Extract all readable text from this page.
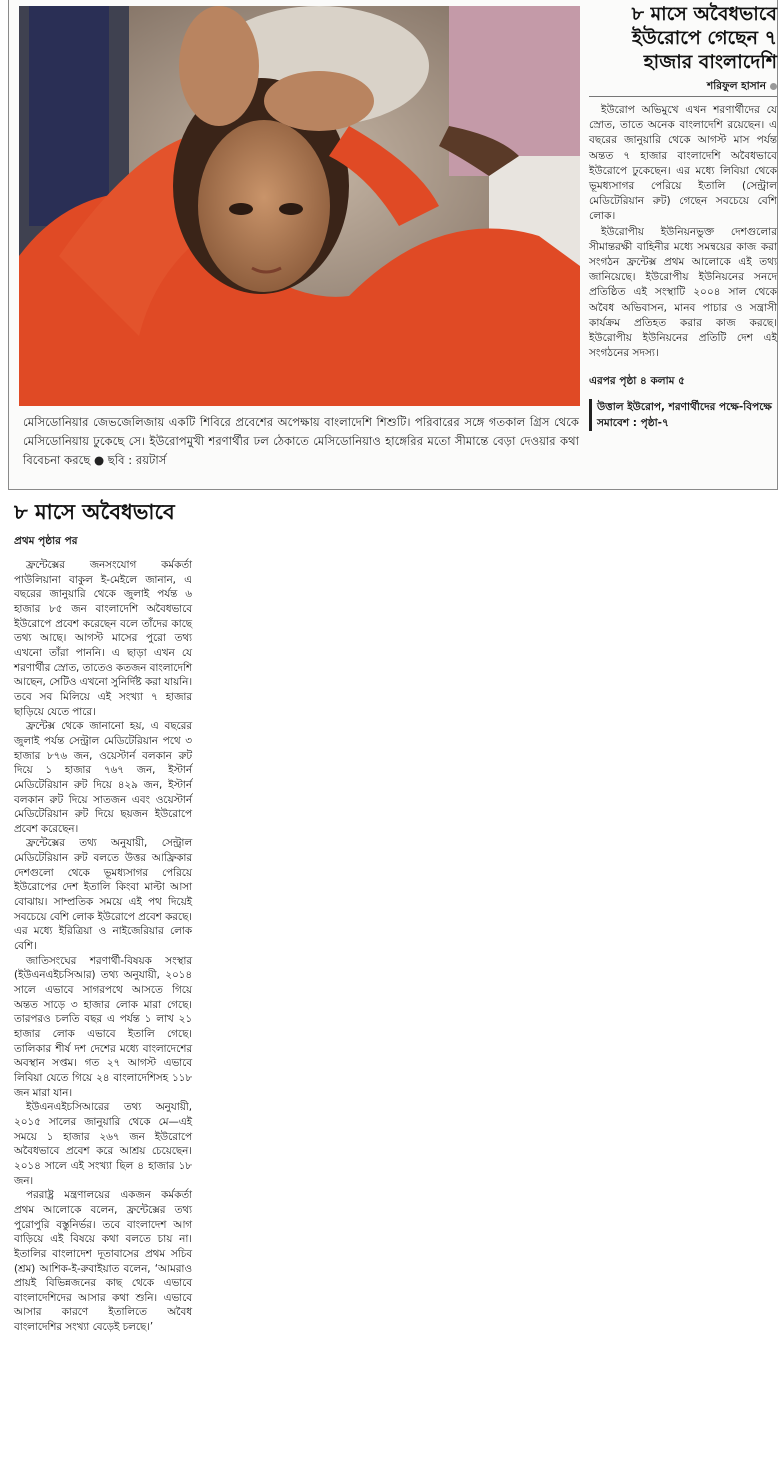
মেসিডোনিয়ার জেভজেলিজায় একটি শিবিরে প্রবেশের অপেক্ষায় বাংলাদেশি শিশুটি। পরিবারের সঙ্গে গতকাল গ্রিস থেকে মেসিডোনিয়ায় ঢুকেছে সে। ইউরোপমুখী শরণার্থীর ঢল ঠেকাতে মেসিডোনিয়াও হাঙ্গেরির মতো সীমান্তে বেড়া দেওয়ার কথা বিবেচনা করছে ● ছবি : রয়টার্স
৮ মাসে অবৈধভাবে ইউরোপে গেছেন ৭ হাজার বাংলাদেশি
শরিফুল হাসান

ইউরোপ অভিমুখে এখন শরণার্থীদের যে স্রোত, তাতে অনেক বাংলাদেশি রয়েছেন। এ বছরের জানুয়ারি থেকে আগস্ট মাস পর্যন্ত অন্তত ৭ হাজার বাংলাদেশি অবৈধভাবে ইউরোপে ঢুকেছেন। এর মধ্যে লিবিয়া থেকে ভূমধ্যসাগর পেরিয়ে ইতালি (সেন্ট্রাল মেডিটেরিয়ান রুট) গেছেন সবচেয়ে বেশি লোক।

ইউরোপীয় ইউনিয়নভুক্ত দেশগুলোর সীমান্তরক্ষী বাহিনীর মধ্যে সমন্বয়ের কাজ করা সংগঠন ফ্রন্টেক্স প্রথম আলোকে এই তথ্য জানিয়েছে। ইউরোপীয় ইউনিয়নের সনদে প্রতিষ্ঠিত এই সংস্থাটি ২০০৪ সাল থেকে অবৈধ অভিবাসন, মানব পাচার ও সন্ত্রাসী কার্যক্রম প্রতিহত করার কাজ করছে। ইউরোপীয় ইউনিয়নের প্রতিটি দেশ এই সংগঠনের সদস্য।

এরপর পৃষ্ঠা ৪ কলাম ৫
উত্তাল ইউরোপ, শরণার্থীদের পক্ষে-বিপক্ষে সমাবেশ : পৃষ্ঠা-৭
৮ মাসে অবৈধভাবে
প্রথম পৃষ্ঠার পর

ফ্রন্টেক্সের জনসংযোগ কর্মকর্তা পাউলিয়ানা বাকুল ই-মেইলে জানান, এ বছরের জানুয়ারি থেকে জুলাই পর্যন্ত ৬ হাজার ৮৫ জন বাংলাদেশি অবৈধভাবে ইউরোপে প্রবেশ করেছেন বলে তাঁদের কাছে তথ্য আছে। আগস্ট মাসের পুরো তথ্য এখনো তাঁরা পাননি। এ ছাড়া এখন যে শরণার্থীর স্রোত, তাতেও কতজন বাংলাদেশি আছেন, সেটিও এখনো সুনির্দিষ্ট করা যায়নি। তবে সব মিলিয়ে এই সংখ্যা ৭ হাজার ছাড়িয়ে যেতে পারে।

ফ্রন্টেক্স থেকে জানানো হয়, এ বছরের জুলাই পর্যন্ত সেন্ট্রাল মেডিটেরিয়ান পথে ৩ হাজার ৮৭৬ জন, ওয়েস্টার্ন বলকান রুট দিয়ে ১ হাজার ৭৬৭ জন, ইস্টার্ন মেডিটেরিয়ান রুট দিয়ে ৪২৯ জন, ইস্টার্ন বলকান রুট দিয়ে সাতজন এবং ওয়েস্টার্ন মেডিটেরিয়ান রুট দিয়ে ছয়জন ইউরোপে প্রবেশ করেছেন।

ফ্রন্টেক্সের তথ্য অনুযায়ী, সেন্ট্রাল মেডিটেরিয়ান রুট বলতে উত্তর আফ্রিকার দেশগুলো থেকে ভূমধ্যসাগর পেরিয়ে ইউরোপের দেশ ইতালি কিংবা মাল্টা আসা বোঝায়। সাম্প্রতিক সময়ে এই পথ দিয়েই সবচেয়ে বেশি লোক ইউরোপে প্রবেশ করছে। এর মধ্যে ইরিত্রিয়া ও নাইজেরিয়ার লোক বেশি।

জাতিসংঘের শরণার্থী-বিষয়ক সংস্থার (ইউএনএইচসিআর) তথ্য অনুযায়ী, ২০১৪ সালে এভাবে সাগরপথে আসতে গিয়ে অন্তত সাড়ে ৩ হাজার লোক মারা গেছে। তারপরও চলতি বছর এ পর্যন্ত ১ লাখ ২১ হাজার লোক এভাবে ইতালি গেছে। তালিকার শীর্ষ দশ দেশের মধ্যে বাংলাদেশের অবস্থান সপ্তম। গত ২৭ আগস্ট এভাবে লিবিয়া যেতে গিয়ে ২৪ বাংলাদেশিসহ ১১৮ জন মারা যান।

ইউএনএইচসিআরের তথ্য অনুযায়ী, ২০১৫ সালের জানুয়ারি থেকে মে—এই সময়ে ১ হাজার ২৬৭ জন ইউরোপে অবৈধভাবে প্রবেশ করে আশ্রয় চেয়েছেন। ২০১৪ সালে এই সংখ্যা ছিল ৪ হাজার ১৮ জন।

পররাষ্ট্র মন্ত্রণালয়ের একজন কর্মকর্তা প্রথম আলোকে বলেন, ফ্রন্টেক্সের তথ্য পুরোপুরি বস্তুনির্ভর। তবে বাংলাদেশ আগ বাড়িয়ে এই বিষয়ে কথা বলতে চায় না। ইতালির বাংলাদেশ দূতাবাসের প্রথম সচিব (শ্রম) আশিক-ই-রুবাইয়াত বলেন, ‘আমরাও প্রায়ই বিভিন্নজনের কাছ থেকে এভাবে বাংলাদেশিদের আসার কথা শুনি। এভাবে আসার কারণে ইতালিতে অবৈধ বাংলাদেশির সংখ্যা বেড়েই চলছে।’
